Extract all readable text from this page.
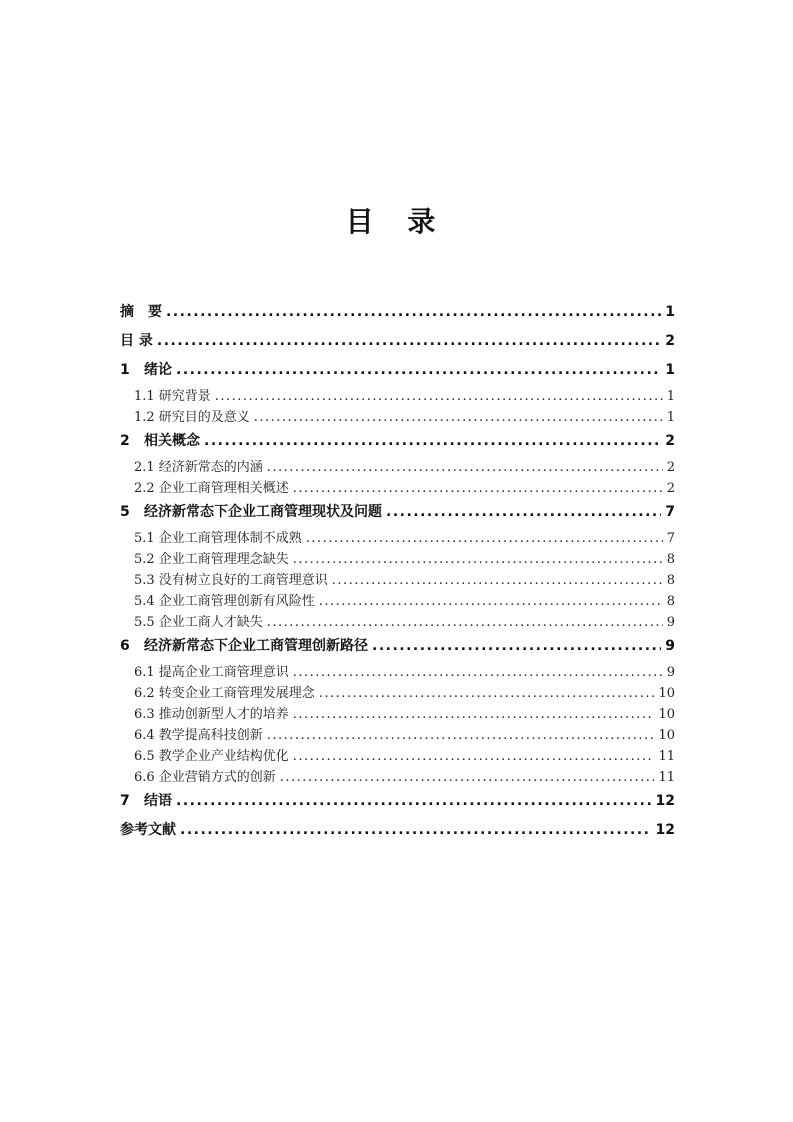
目 录
摘　要 .....	1
目 录 .....	2
1	绪论 .....	1
1.1 研究背景 .....	1
1.2 研究目的及意义 .....	1
2	相关概念 .....	2
2.1 经济新常态的内涵 .....	2
2.2 企业工商管理相关概述 .....	2
5	经济新常态下企业工商管理现状及问题 .....	7
5.1 企业工商管理体制不成熟 .....	7
5.2 企业工商管理理念缺失 .....	8
5.3 没有树立良好的工商管理意识 .....	8
5.4 企业工商管理创新有风险性 .....	8
5.5 企业工商人才缺失 .....	9
6	经济新常态下企业工商管理创新路径 .....	9
6.1 提高企业工商管理意识 .....	9
6.2 转变企业工商管理发展理念 .....	10
6.3 推动创新型人才的培养 .....	10
6.4 教学提高科技创新 .....	10
6.5 教学企业产业结构优化 .....	11
6.6 企业营销方式的创新 .....	11
7	结语 .....	12
参考文献 .....	12
